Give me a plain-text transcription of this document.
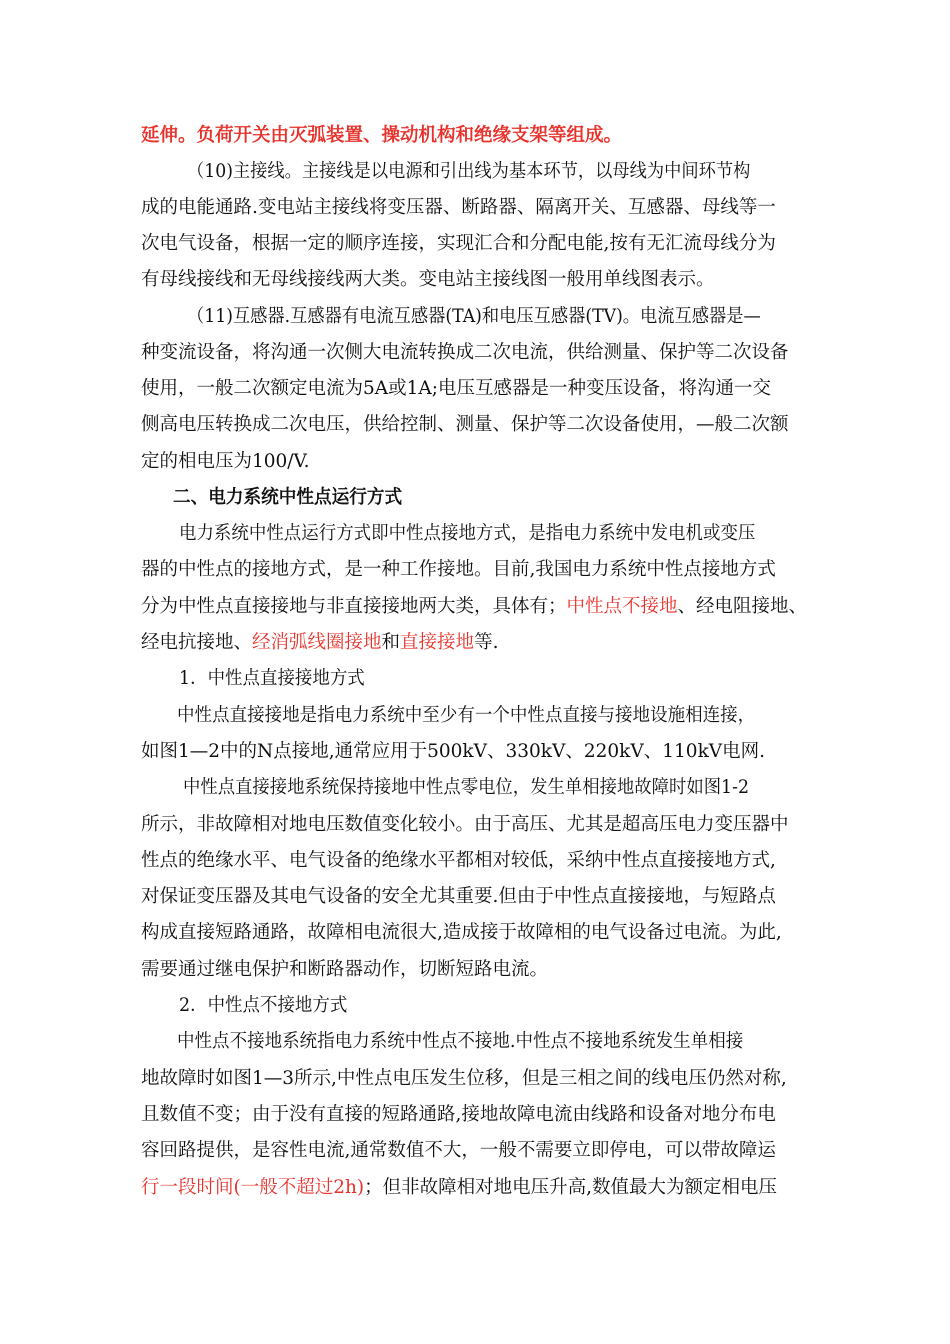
延伸。负荷开关由灭弧装置、操动机构和绝缘支架等组成。
（10)主接线。主接线是以电源和引出线为基本环节，以母线为中间环节构
成的电能通路.变电站主接线将变压器、断路器、隔离开关、互感器、母线等一
次电气设备，根据一定的顺序连接，实现汇合和分配电能,按有无汇流母线分为
有母线接线和无母线接线两大类。变电站主接线图一般用单线图表示。
（11)互感器.互感器有电流互感器(TA)和电压互感器(TV)。电流互感器是—
种变流设备，将沟通一次侧大电流转换成二次电流，供给测量、保护等二次设备
使用，一般二次额定电流为5A或1A;电压互感器是一种变压设备，将沟通一交
侧高电压转换成二次电压，供给控制、测量、保护等二次设备使用，—般二次额
定的相电压为100/V.
二、电力系统中性点运行方式
电力系统中性点运行方式即中性点接地方式，是指电力系统中发电机或变压
器的中性点的接地方式，是一种工作接地。目前,我国电力系统中性点接地方式
分为中性点直接接地与非直接接地两大类，具体有；中性点不接地、经电阻接地、
经电抗接地、经消弧线圈接地和直接接地等.
1．中性点直接接地方式
中性点直接接地是指电力系统中至少有一个中性点直接与接地设施相连接，
如图1—2中的N点接地,通常应用于500kV、330kV、220kV、110kV电网.
中性点直接接地系统保持接地中性点零电位，发生单相接地故障时如图1-2
所示，非故障相对地电压数值变化较小。由于高压、尤其是超高压电力变压器中
性点的绝缘水平、电气设备的绝缘水平都相对较低，采纳中性点直接接地方式,
对保证变压器及其电气设备的安全尤其重要.但由于中性点直接接地，与短路点
构成直接短路通路，故障相电流很大,造成接于故障相的电气设备过电流。为此,
需要通过继电保护和断路器动作，切断短路电流。
2．中性点不接地方式
中性点不接地系统指电力系统中性点不接地.中性点不接地系统发生单相接
地故障时如图1—3所示,中性点电压发生位移，但是三相之间的线电压仍然对称,
且数值不变；由于没有直接的短路通路,接地故障电流由线路和设备对地分布电
容回路提供，是容性电流,通常数值不大，一般不需要立即停电，可以带故障运
行一段时间(一般不超过2h)；但非故障相对地电压升高,数值最大为额定相电压
